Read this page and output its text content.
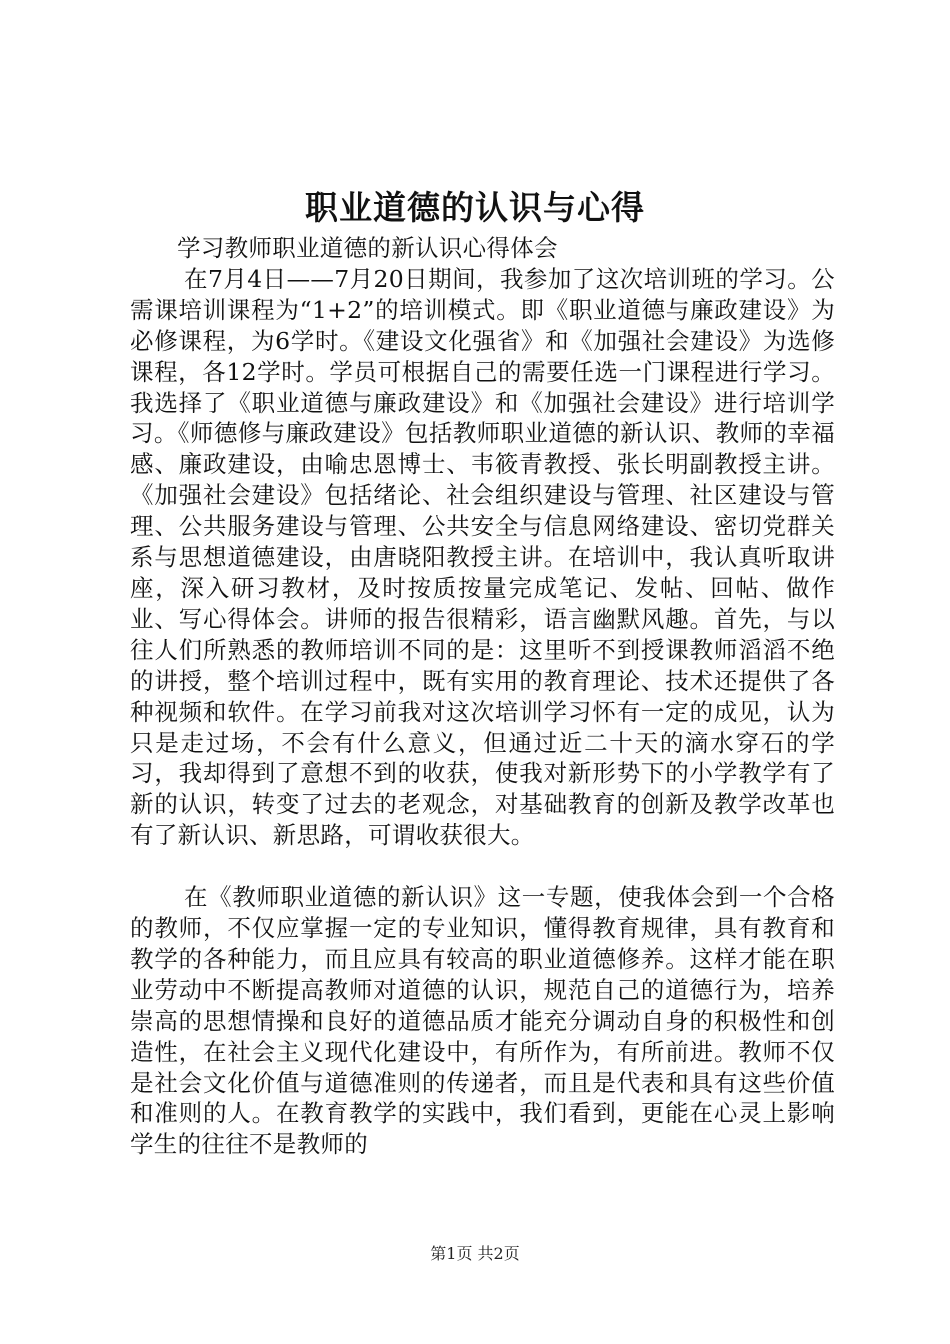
职业道德的认识与心得

学习教师职业道德的新认识心得体会

在7月4日——7月20日期间，我参加了这次培训班的学习。公需课培训课程为“1+2”的培训模式。即《职业道德与廉政建设》为必修课程，为6学时。《建设文化强省》和《加强社会建设》为选修课程，各12学时。学员可根据自己的需要任选一门课程进行学习。我选择了《职业道德与廉政建设》和《加强社会建设》进行培训学习。《师德修与廉政建设》包括教师职业道德的新认识、教师的幸福感、廉政建设，由喻忠恩博士、韦筱青教授、张长明副教授主讲。《加强社会建设》包括绪论、社会组织建设与管理、社区建设与管理、公共服务建设与管理、公共安全与信息网络建设、密切党群关系与思想道德建设，由唐晓阳教授主讲。在培训中，我认真听取讲座，深入研习教材，及时按质按量完成笔记、发帖、回帖、做作业、写心得体会。讲师的报告很精彩，语言幽默风趣。首先，与以往人们所熟悉的教师培训不同的是：这里听不到授课教师滔滔不绝的讲授，整个培训过程中，既有实用的教育理论、技术还提供了各种视频和软件。在学习前我对这次培训学习怀有一定的成见，认为只是走过场，不会有什么意义，但通过近二十天的滴水穿石的学习，我却得到了意想不到的收获，使我对新形势下的小学教学有了新的认识，转变了过去的老观念，对基础教育的创新及教学改革也有了新认识、新思路，可谓收获很大。

在《教师职业道德的新认识》这一专题，使我体会到一个合格的教师，不仅应掌握一定的专业知识，懂得教育规律，具有教育和教学的各种能力，而且应具有较高的职业道德修养。这样才能在职业劳动中不断提高教师对道德的认识，规范自己的道德行为，培养崇高的思想情操和良好的道德品质才能充分调动自身的积极性和创造性，在社会主义现代化建设中，有所作为，有所前进。教师不仅是社会文化价值与道德准则的传递者，而且是代表和具有这些价值和准则的人。在教育教学的实践中，我们看到，更能在心灵上影响学生的往往不是教师的

第1页 共2页
